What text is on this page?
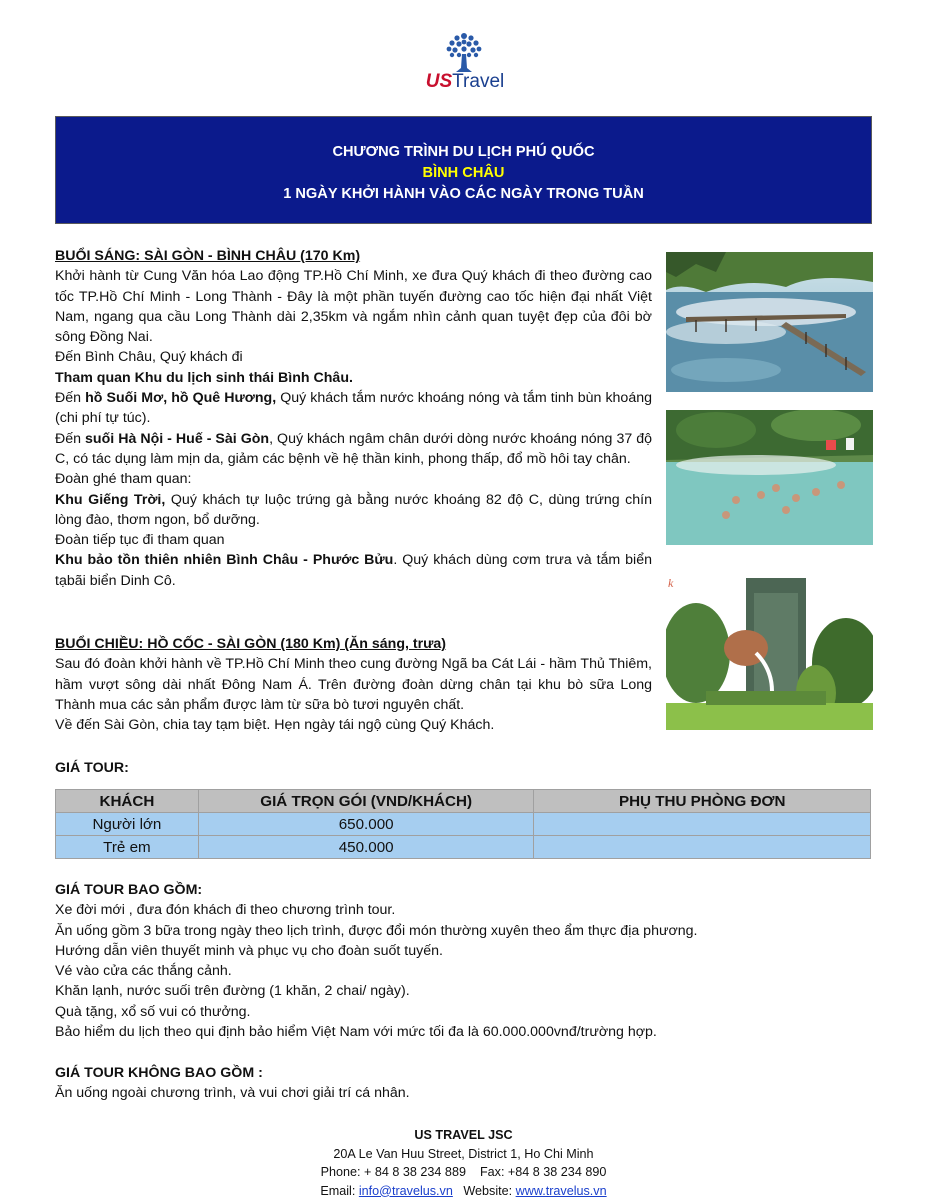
USTravel
CHƯƠNG TRÌNH DU LỊCH PHÚ QUỐC
BÌNH CHÂU
1 NGÀY KHỞI HÀNH VÀO CÁC NGÀY TRONG TUẦN

BUỔI SÁNG: SÀI GÒN - BÌNH CHÂU (170 Km)

Khởi hành từ Cung Văn hóa Lao động TP.Hồ Chí Minh, xe đưa Quý khách đi theo đường cao tốc TP.Hồ Chí Minh - Long Thành - Đây là một phần tuyến đường cao tốc hiện đại nhất Việt Nam, ngang qua cầu Long Thành dài 2,35km và ngắm nhìn cảnh quan tuyệt đẹp của đôi bờ sông Đồng Nai.

Đến Bình Châu, Quý khách đi

Tham quan Khu du lịch sinh thái Bình Châu.

Đến hồ Suối Mơ, hồ Quê Hương, Quý khách tắm nước khoáng nóng và tắm tinh bùn khoáng (chi phí tự túc).

Đến suối Hà Nội - Huế - Sài Gòn, Quý khách ngâm chân dưới dòng nước khoáng nóng 37 độ C, có tác dụng làm mịn da, giảm các bệnh về hệ thần kinh, phong thấp, đổ mồ hôi tay chân.

Đoàn ghé tham quan:

Khu Giếng Trời, Quý khách tự luộc trứng gà bằng nước khoáng 82 độ C, dùng trứng chín lòng đào, thơm ngon, bổ dưỡng.

Đoàn tiếp tục đi tham quan

Khu bảo tồn thiên nhiên Bình Châu - Phước Bửu. Quý khách dùng cơm trưa và tắm biển tạbãi biển Dinh Cô.

BUỔI CHIỀU: HỒ CỐC - SÀI GÒN (180 Km) (Ăn sáng, trưa)

Sau đó đoàn khởi hành về TP.Hồ Chí Minh theo cung đường Ngã ba Cát Lái - hầm Thủ Thiêm, hầm vượt sông dài nhất Đông Nam Á. Trên đường đoàn dừng chân tại khu bò sữa Long Thành mua các sản phẩm được làm từ sữa bò tươi nguyên chất.

Về đến Sài Gòn, chia tay tạm biệt. Hẹn ngày tái ngộ cùng Quý Khách.

k

GIÁ TOUR:

KHÁCH	GIÁ TRỌN GÓI (VND/KHÁCH)	PHỤ THU PHÒNG ĐƠN
Người lớn	650.000	
Trẻ em	450.000	

GIÁ TOUR BAO GỒM:

Xe đời mới , đưa đón khách đi theo chương trình tour.

Ăn uống gồm 3 bữa trong ngày theo lịch trình, được đổi món thường xuyên theo ẩm thực địa phương.

Hướng dẫn viên thuyết minh và phục vụ cho đoàn suốt tuyến.

Vé vào cửa các thắng cảnh.

Khăn lạnh, nước suối trên đường (1 khăn, 2 chai/ ngày).

Quà tặng, xổ số vui có thưởng.

Bảo hiểm du lịch theo qui định bảo hiểm Việt Nam với mức tối đa là 60.000.000vnđ/trường hợp.

GIÁ TOUR KHÔNG BAO GỒM :

Ăn uống ngoài chương trình, và vui chơi giải trí cá nhân.

US TRAVEL JSC

20A Le Van Huu Street, District 1, Ho Chi Minh

Phone: + 84 8 38 234 889    Fax: +84 8 38 234 890

Email: info@travelus.vn   Website: www.travelus.vn
